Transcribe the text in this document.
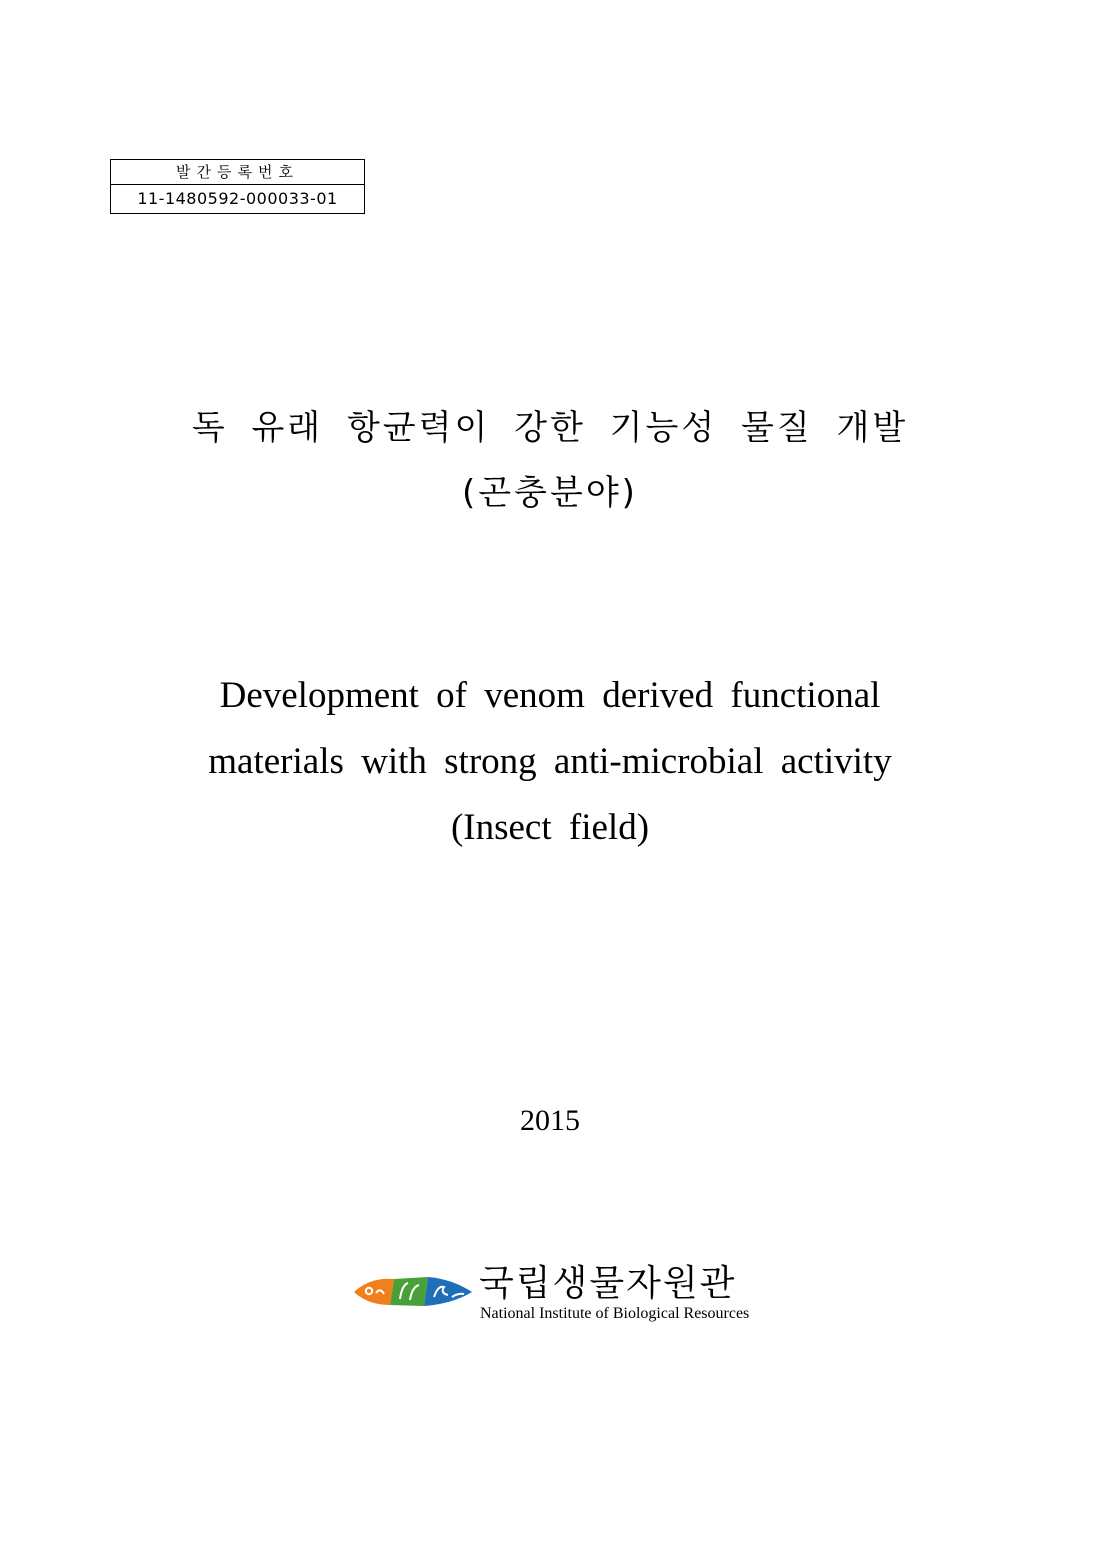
발간등록번호
11-1480592-000033-01
독 유래 항균력이 강한 기능성 물질 개발
(곤충분야)
Development of venom derived functional
materials with strong anti-microbial activity
(Insect field)
2015
국립생물자원관
National Institute of Biological Resources
